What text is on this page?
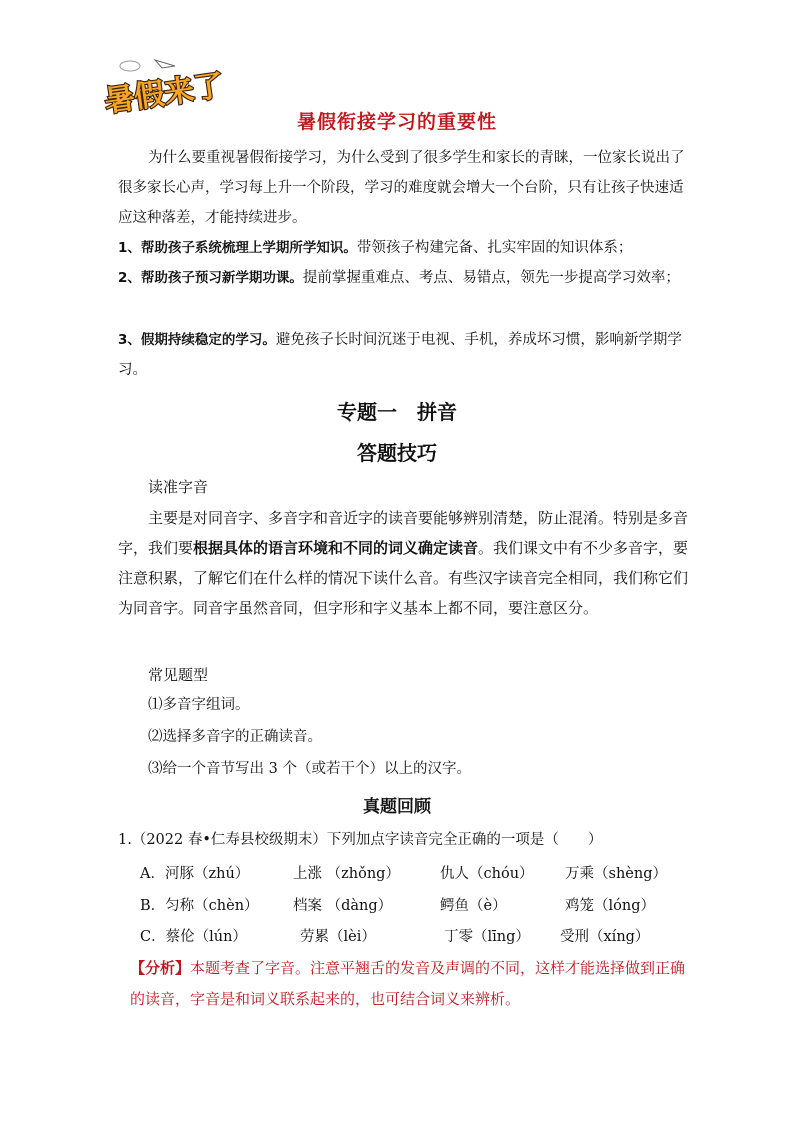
暑假来了
暑假衔接学习的重要性
为什么要重视暑假衔接学习，为什么受到了很多学生和家长的青睐，一位家长说出了很多家长心声，学习每上升一个阶段，学习的难度就会增大一个台阶，只有让孩子快速适应这种落差，才能持续进步。
1、帮助孩子系统梳理上学期所学知识。带领孩子构建完备、扎实牢固的知识体系；
2、帮助孩子预习新学期功课。提前掌握重难点、考点、易错点，领先一步提高学习效率；
3、假期持续稳定的学习。避免孩子长时间沉迷于电视、手机，养成坏习惯，影响新学期学习。
专题一　拼音
答题技巧
读准字音
主要是对同音字、多音字和音近字的读音要能够辨别清楚，防止混淆。特别是多音字，我们要根据具体的语言环境和不同的词义确定读音。我们课文中有不少多音字，要注意积累，了解它们在什么样的情况下读什么音。有些汉字读音完全相同，我们称它们为同音字。同音字虽然音同，但字形和字义基本上都不同，要注意区分。
常见题型
⑴多音字组词。
⑵选择多音字的正确读音。
⑶给一个音节写出 3 个（或若干个）以上的汉字。
真题回顾
1.（2022 春•仁寿县校级期末）下列加点字读音完全正确的一项是（　　）
A．河豚（zhú）	上涨 （zhǒng）	仇人（chóu） 万乘（shèng）
B．匀称（chèn） 档案 （dàng）	鳄鱼（è）	鸡笼（lóng）
C．蔡伦（lún）	劳累（lèi）	丁零（līng） 受刑（xíng）
【分析】本题考查了字音。注意平翘舌的发音及声调的不同，这样才能选择做到正确的读音，字音是和词义联系起来的，也可结合词义来辨析。
